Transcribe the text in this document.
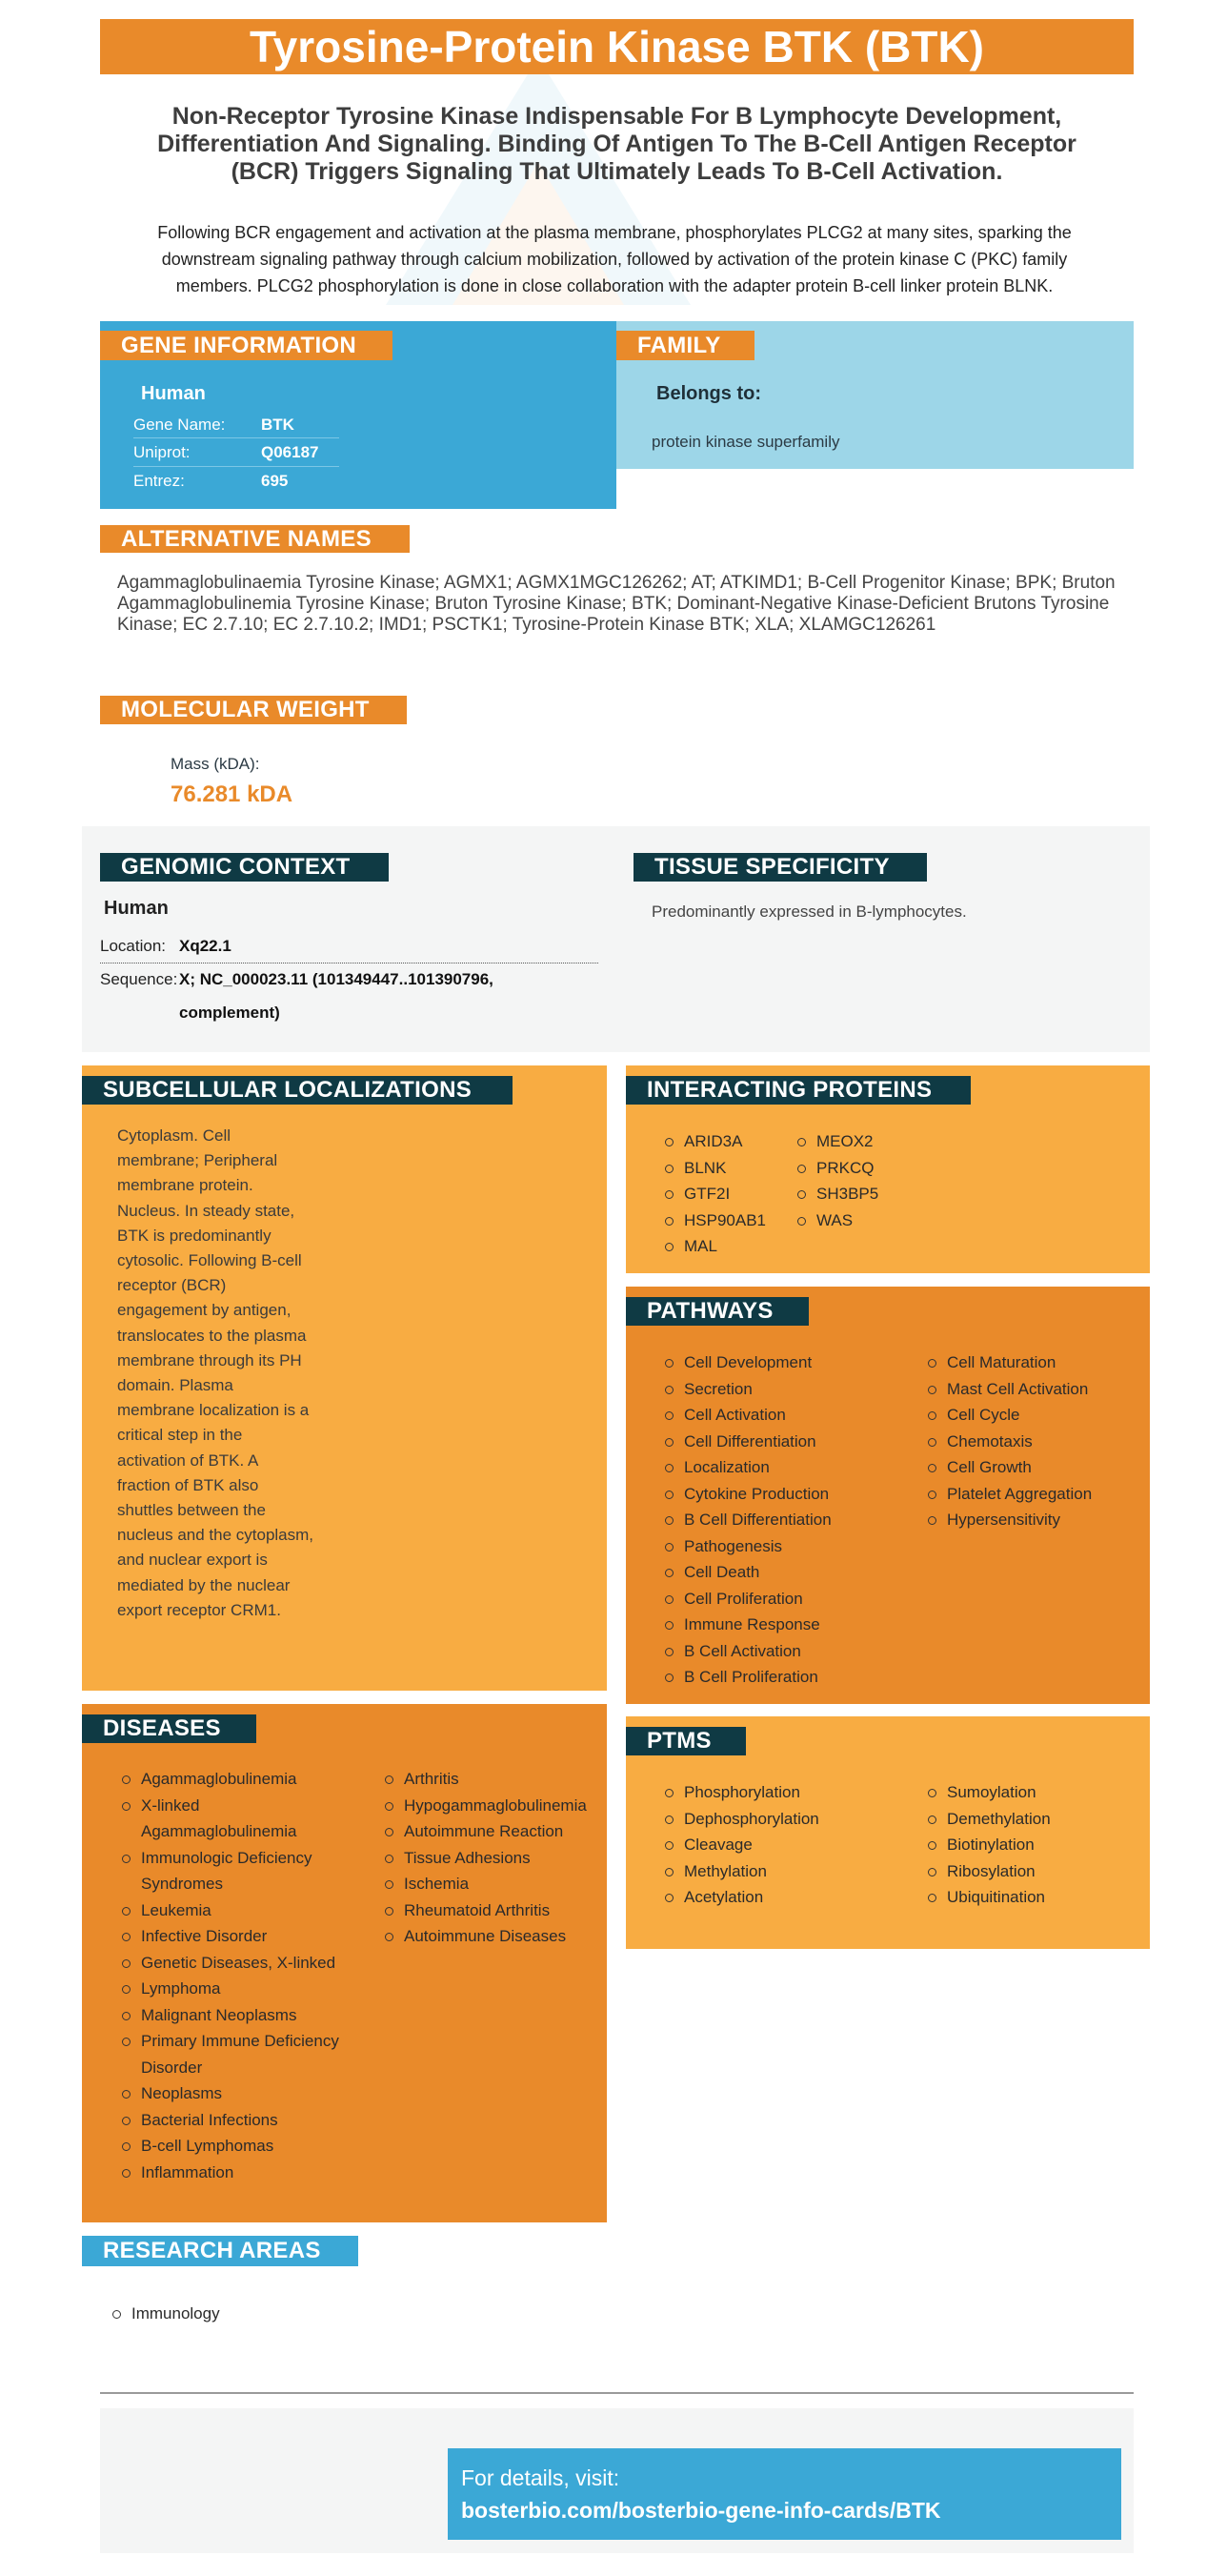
Tyrosine-Protein Kinase BTK (BTK)
Non-Receptor Tyrosine Kinase Indispensable For B Lymphocyte Development, Differentiation And Signaling. Binding Of Antigen To The B-Cell Antigen Receptor (BCR) Triggers Signaling That Ultimately Leads To B-Cell Activation.
Following BCR engagement and activation at the plasma membrane, phosphorylates PLCG2 at many sites, sparking the downstream signaling pathway through calcium mobilization, followed by activation of the protein kinase C (PKC) family members. PLCG2 phosphorylation is done in close collaboration with the adapter protein B-cell linker protein BLNK.
GENE INFORMATION
Human
Gene Name:	BTK
Uniprot:	Q06187
Entrez:	695
FAMILY
Belongs to:
protein kinase superfamily
ALTERNATIVE NAMES
Agammaglobulinaemia Tyrosine Kinase; AGMX1; AGMX1MGC126262; AT; ATKIMD1; B-Cell Progenitor Kinase; BPK; Bruton Agammaglobulinemia Tyrosine Kinase; Bruton Tyrosine Kinase; BTK; Dominant-Negative Kinase-Deficient Brutons Tyrosine Kinase; EC 2.7.10; EC 2.7.10.2; IMD1; PSCTK1; Tyrosine-Protein Kinase BTK; XLA; XLAMGC126261
MOLECULAR WEIGHT
Mass (kDA):
76.281 kDA
GENOMIC CONTEXT
Human
Location: Xq22.1
Sequence: X; NC_000023.11 (101349447..101390796,
complement)
TISSUE SPECIFICITY
Predominantly expressed in B-lymphocytes.
SUBCELLULAR LOCALIZATIONS
Cytoplasm. Cell membrane; Peripheral membrane protein. Nucleus. In steady state, BTK is predominantly cytosolic. Following B-cell receptor (BCR) engagement by antigen, translocates to the plasma membrane through its PH domain. Plasma membrane localization is a critical step in the activation of BTK. A fraction of BTK also shuttles between the nucleus and the cytoplasm, and nuclear export is mediated by the nuclear export receptor CRM1.
INTERACTING PROTEINS
ARID3A
BLNK
GTF2I
HSP90AB1
MAL
MEOX2
PRKCQ
SH3BP5
WAS
PATHWAYS
Cell Development
Secretion
Cell Activation
Cell Differentiation
Localization
Cytokine Production
B Cell Differentiation
Pathogenesis
Cell Death
Cell Proliferation
Immune Response
B Cell Activation
B Cell Proliferation
Cell Maturation
Mast Cell Activation
Cell Cycle
Chemotaxis
Cell Growth
Platelet Aggregation
Hypersensitivity
DISEASES
Agammaglobulinemia
X-linked Agammaglobulinemia
Immunologic Deficiency Syndromes
Leukemia
Infective Disorder
Genetic Diseases, X-linked
Lymphoma
Malignant Neoplasms
Primary Immune Deficiency Disorder
Neoplasms
Bacterial Infections
B-cell Lymphomas
Inflammation
Arthritis
Hypogammaglobulinemia
Autoimmune Reaction
Tissue Adhesions
Ischemia
Rheumatoid Arthritis
Autoimmune Diseases
PTMS
Phosphorylation
Dephosphorylation
Cleavage
Methylation
Acetylation
Sumoylation
Demethylation
Biotinylation
Ribosylation
Ubiquitination
RESEARCH AREAS
Immunology
For details, visit:
bosterbio.com/bosterbio-gene-info-cards/BTK
